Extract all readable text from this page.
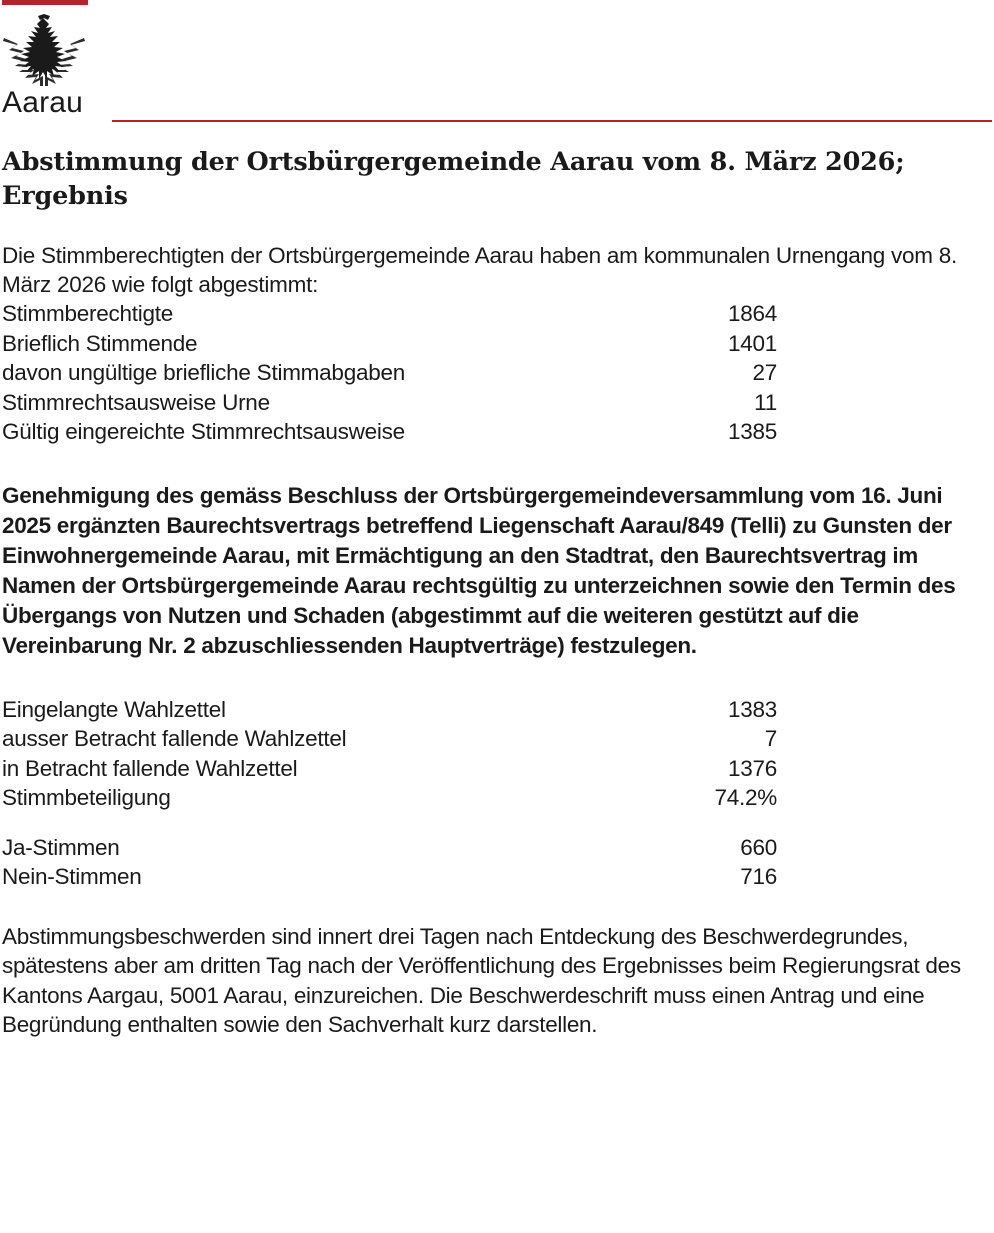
Aarau
Abstimmung der Ortsbürgergemeinde Aarau vom 8. März 2026; Ergebnis

Die Stimmberechtigten der Ortsbürgergemeinde Aarau haben am kommunalen Urnengang vom 8. März 2026 wie folgt abgestimmt:

Stimmberechtigte	1864
Brieflich Stimmende	1401
davon ungültige briefliche Stimmabgaben	27
Stimmrechtsausweise Urne	11
Gültig eingereichte Stimmrechtsausweise	1385

Genehmigung des gemäss Beschluss der Ortsbürgergemeindeversammlung vom 16. Juni 2025 ergänzten Baurechtsvertrags betreffend Liegenschaft Aarau/849 (Telli) zu Gunsten der Einwohnergemeinde Aarau, mit Ermächtigung an den Stadtrat, den Baurechtsvertrag im Namen der Ortsbürgergemeinde Aarau rechtsgültig zu unterzeichnen sowie den Termin des Übergangs von Nutzen und Schaden (abgestimmt auf die weiteren gestützt auf die Vereinbarung Nr. 2 abzuschliessenden Hauptverträge) festzulegen.

Eingelangte Wahlzettel	1383
ausser Betracht fallende Wahlzettel	7
in Betracht fallende Wahlzettel	1376
Stimmbeteiligung	74.2%

Ja-Stimmen	660
Nein-Stimmen	716

Abstimmungsbeschwerden sind innert drei Tagen nach Entdeckung des Beschwerdegrundes, spätestens aber am dritten Tag nach der Veröffentlichung des Ergebnisses beim Regierungsrat des Kantons Aargau, 5001 Aarau, einzureichen. Die Beschwerdeschrift muss einen Antrag und eine Begründung enthalten sowie den Sachverhalt kurz darstellen.
